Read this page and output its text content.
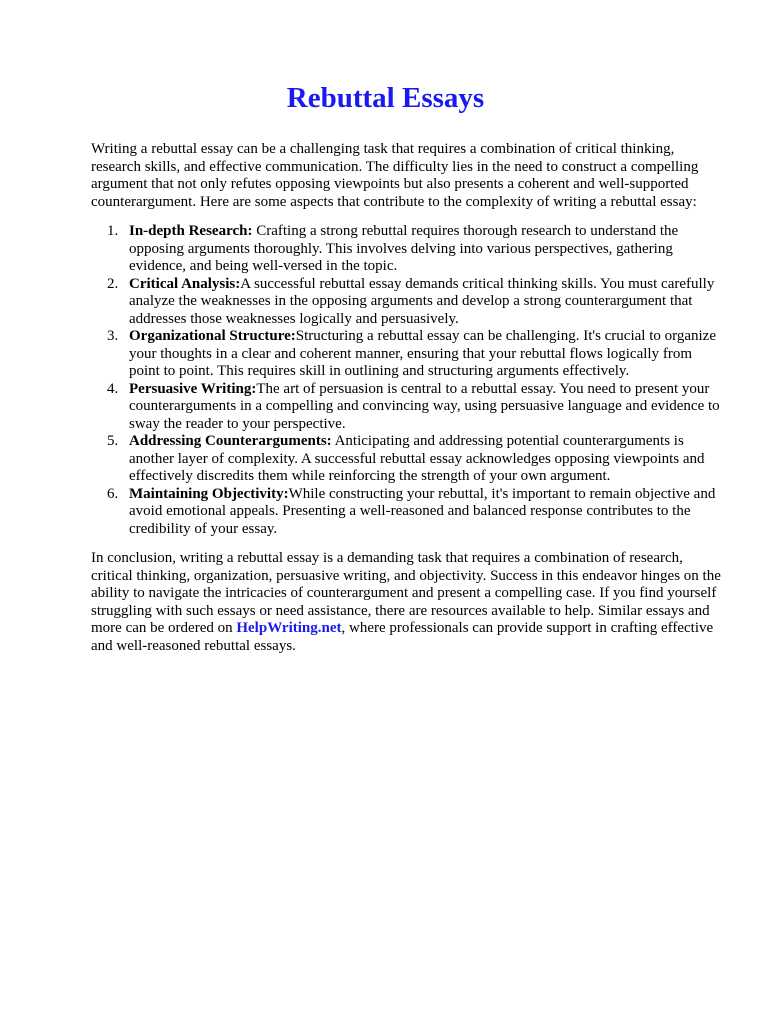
Rebuttal Essays

Writing a rebuttal essay can be a challenging task that requires a combination of critical thinking, research skills, and effective communication. The difficulty lies in the need to construct a compelling argument that not only refutes opposing viewpoints but also presents a coherent and well-supported counterargument. Here are some aspects that contribute to the complexity of writing a rebuttal essay:

1. In-depth Research: Crafting a strong rebuttal requires thorough research to understand the opposing arguments thoroughly. This involves delving into various perspectives, gathering evidence, and being well-versed in the topic.
2. Critical Analysis:A successful rebuttal essay demands critical thinking skills. You must carefully analyze the weaknesses in the opposing arguments and develop a strong counterargument that addresses those weaknesses logically and persuasively.
3. Organizational Structure:Structuring a rebuttal essay can be challenging. It's crucial to organize your thoughts in a clear and coherent manner, ensuring that your rebuttal flows logically from point to point. This requires skill in outlining and structuring arguments effectively.
4. Persuasive Writing:The art of persuasion is central to a rebuttal essay. You need to present your counterarguments in a compelling and convincing way, using persuasive language and evidence to sway the reader to your perspective.
5. Addressing Counterarguments: Anticipating and addressing potential counterarguments is another layer of complexity. A successful rebuttal essay acknowledges opposing viewpoints and effectively discredits them while reinforcing the strength of your own argument.
6. Maintaining Objectivity:While constructing your rebuttal, it's important to remain objective and avoid emotional appeals. Presenting a well-reasoned and balanced response contributes to the credibility of your essay.

In conclusion, writing a rebuttal essay is a demanding task that requires a combination of research, critical thinking, organization, persuasive writing, and objectivity. Success in this endeavor hinges on the ability to navigate the intricacies of counterargument and present a compelling case. If you find yourself struggling with such essays or need assistance, there are resources available to help. Similar essays and more can be ordered on HelpWriting.net, where professionals can provide support in crafting effective and well-reasoned rebuttal essays.
